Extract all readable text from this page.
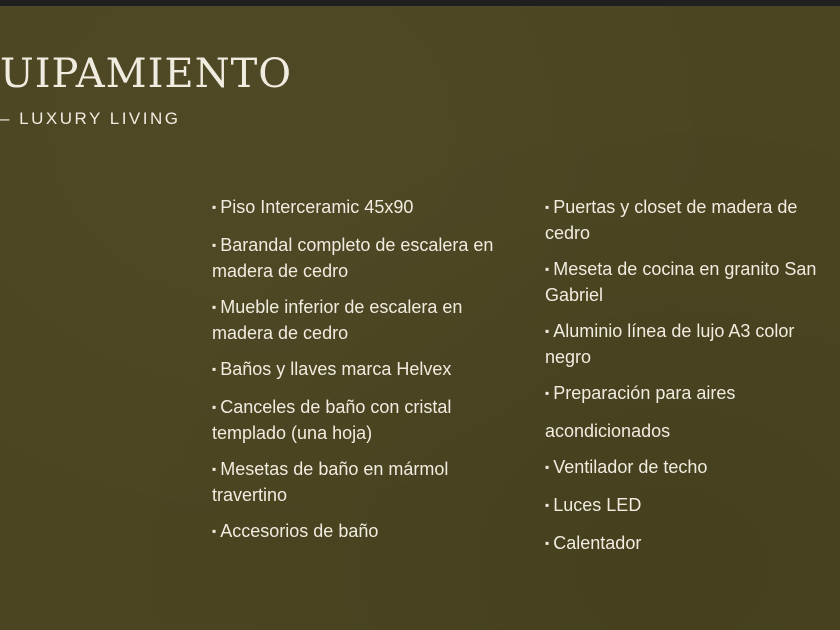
UIPAMIENTO
– LUXURY LIVING
▪ Piso Interceramic 45x90
▪ Barandal completo de escalera en madera de cedro
▪ Mueble inferior de escalera en madera de cedro
▪ Baños y llaves marca Helvex
▪ Canceles de baño con cristal templado (una hoja)
▪ Mesetas de baño en mármol travertino
▪ Accesorios de baño
▪ Puertas y closet de madera de cedro
▪ Meseta de cocina en granito San Gabriel
▪ Aluminio línea de lujo A3 color negro
▪ Preparación para aires
acondicionados
▪ Ventilador de techo
▪ Luces LED
▪ Calentador
